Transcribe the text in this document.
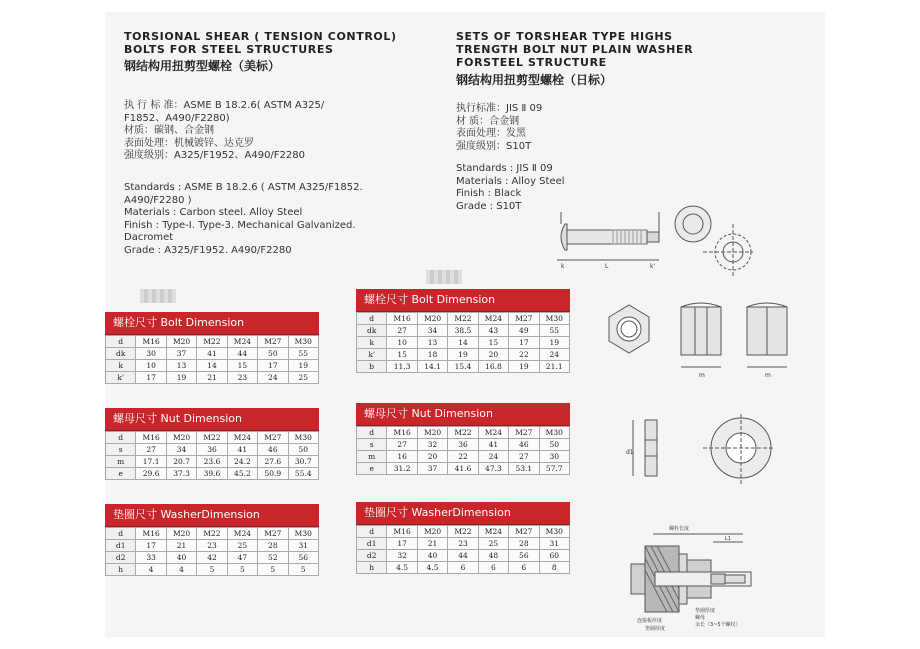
TORSIONAL SHEAR ( TENSION CONTROL)
BOLTS FOR STEEL STRUCTURES
钢结构用扭剪型螺栓（美标）
执 行 标 准：ASME B 18.2.6( ASTM A325/
F1852、A490/F2280)
材质：碳钢、合金钢
表面处理：机械镀锌、达克罗
强度级别：A325/F1952、A490/F2280
Standards : ASME B 18.2.6 ( ASTM A325/F1852.
A490/F2280 )
Materials : Carbon steel. Alloy Steel
Finish : Type-I. Type-3. Mechanical Galvanized.
Dacromet
Grade : A325/F1952. A490/F2280
SETS OF TORSHEAR TYPE HIGHS
TRENGTH BOLT NUT PLAIN WASHER
FORSTEEL STRUCTURE
钢结构用扭剪型螺栓（日标）
执行标准：JIS Ⅱ 09
材 质：合金钢
表面处理：发黑
强度级别：S10T
Standards : JIS Ⅱ 09
Materials : Alloy Steel
Finish : Black
Grade : S10T
螺栓尺寸 Bolt Dimension
d	M16	M20	M22	M24	M27	M30
dk	30	37	41	44	50	55
k	10	13	14	15	17	19
k'	17	19	21	23	24	25
螺母尺寸 Nut Dimension
d	M16	M20	M22	M24	M27	M30
s	27	34	36	41	46	50
m	17.1	20.7	23.6	24.2	27.6	30.7
e	29.6	37.3	39.6	45.2	50.9	55.4
垫圈尺寸 WasherDimension
d	M16	M20	M22	M24	M27	M30
d1	17	21	23	25	28	31
d2	33	40	42	47	52	56
h	4	4	5	5	5	5
螺栓尺寸 Bolt Dimension
d	M16	M20	M22	M24	M27	M30
dk	27	34	38.5	43	49	55
k	10	13	14	15	17	19
k'	15	18	19	20	22	24
b	11.3	14.1	15.4	16.8	19	21.1
螺母尺寸 Nut Dimension
d	M16	M20	M22	M24	M27	M30
s	27	32	36	41	46	50
m	16	20	22	24	27	30
e	31.2	37	41.6	47.3	53.1	57.7
垫圈尺寸 WasherDimension
d	M16	M20	M22	M24	M27	M30
d1	17	21	23	25	28	31
d2	32	40	44	48	56	60
h	4.5	4.5	6	6	6	8
k	L	k'
m	m
d1
螺栓长度
L1
连接板厚度
垫圈厚度
垫圈厚度
螺母
余长（3~5个螺纹）
